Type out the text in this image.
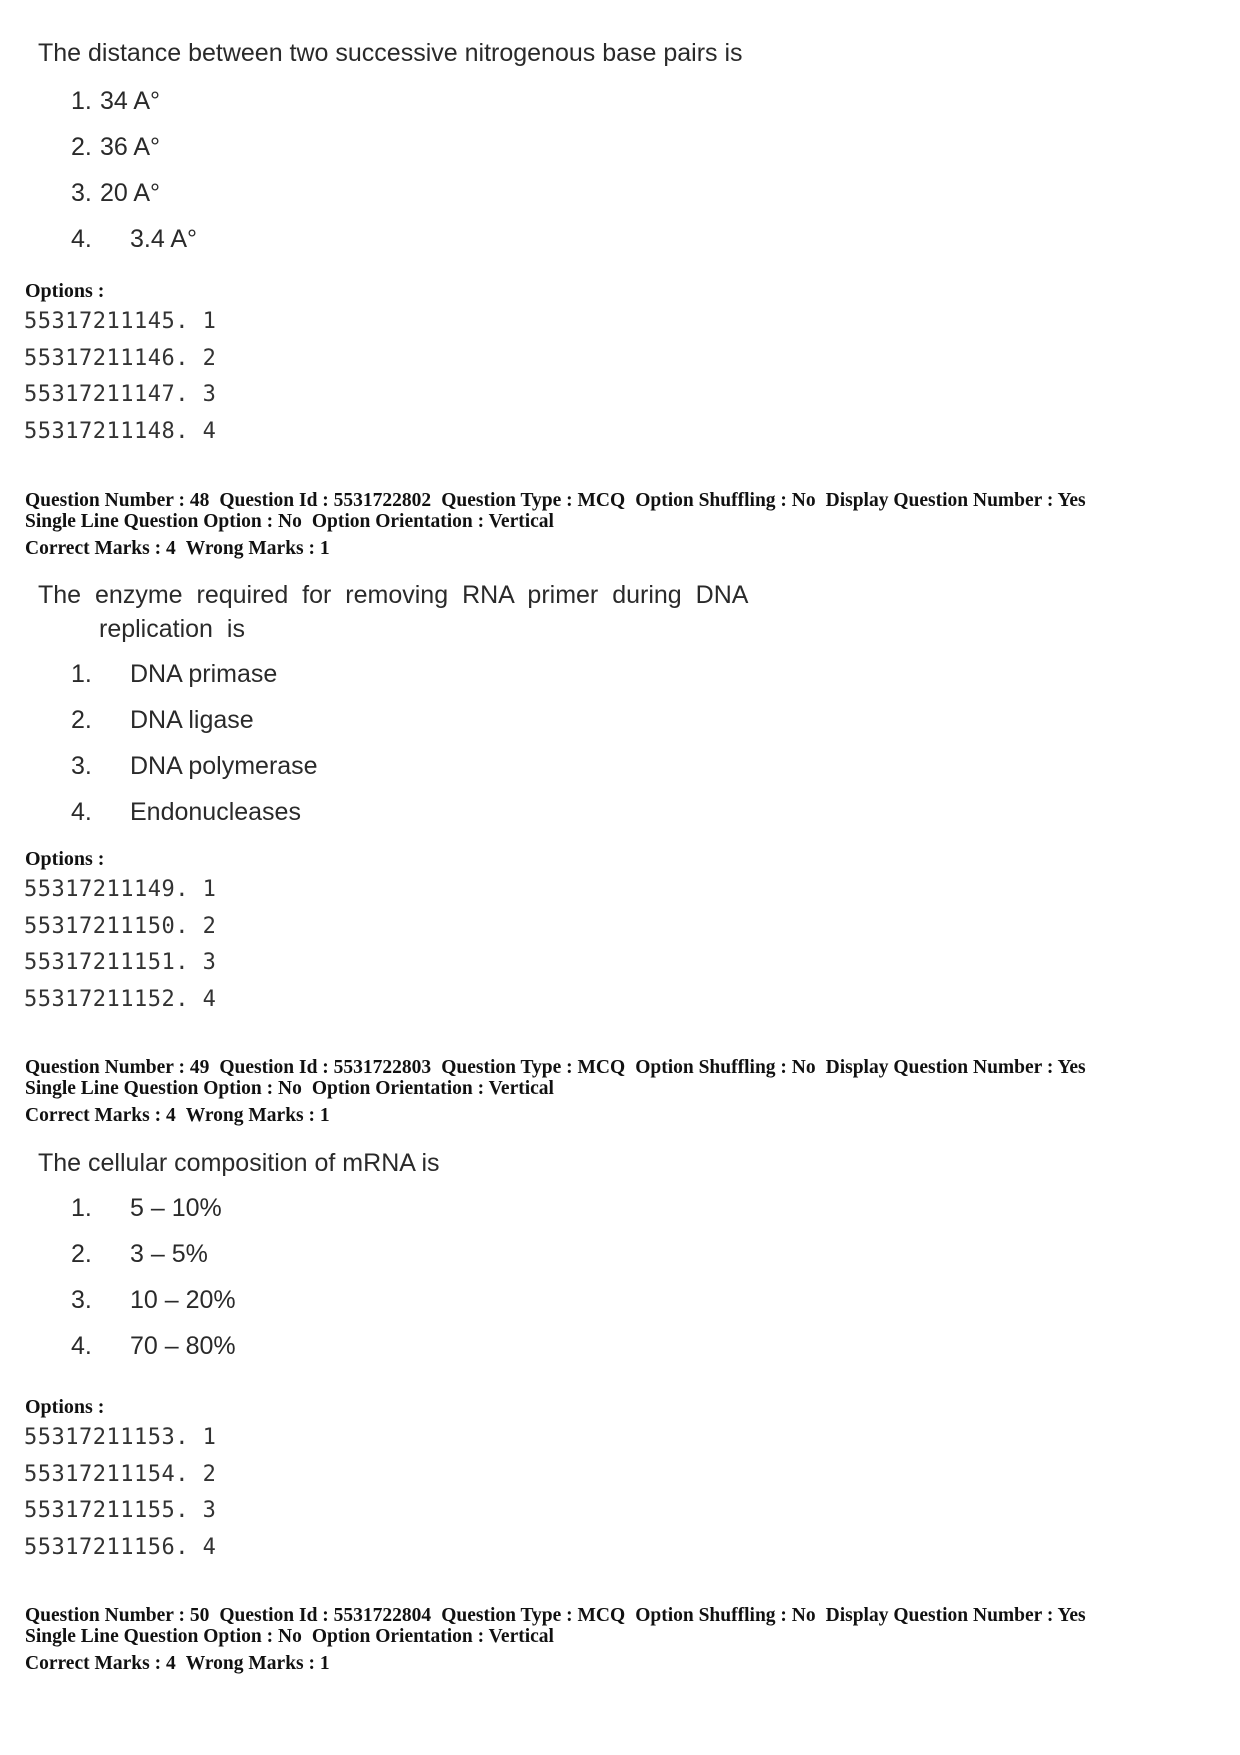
The distance between two successive nitrogenous base pairs is
1. 34 A°
2. 36 A°
3. 20 A°
4. 3.4 A°
Options :
55317211145. 1
55317211146. 2
55317211147. 3
55317211148. 4
Question Number : 48 Question Id : 5531722802 Question Type : MCQ Option Shuffling : No Display Question Number : Yes
Single Line Question Option : No Option Orientation : Vertical
Correct Marks : 4 Wrong Marks : 1
The enzyme required for removing RNA primer during DNA
replication is
1. DNA primase
2. DNA ligase
3. DNA polymerase
4. Endonucleases
Options :
55317211149. 1
55317211150. 2
55317211151. 3
55317211152. 4
Question Number : 49 Question Id : 5531722803 Question Type : MCQ Option Shuffling : No Display Question Number : Yes
Single Line Question Option : No Option Orientation : Vertical
Correct Marks : 4 Wrong Marks : 1
The cellular composition of mRNA is
1. 5 – 10%
2. 3 – 5%
3. 10 – 20%
4. 70 – 80%
Options :
55317211153. 1
55317211154. 2
55317211155. 3
55317211156. 4
Question Number : 50 Question Id : 5531722804 Question Type : MCQ Option Shuffling : No Display Question Number : Yes
Single Line Question Option : No Option Orientation : Vertical
Correct Marks : 4 Wrong Marks : 1
